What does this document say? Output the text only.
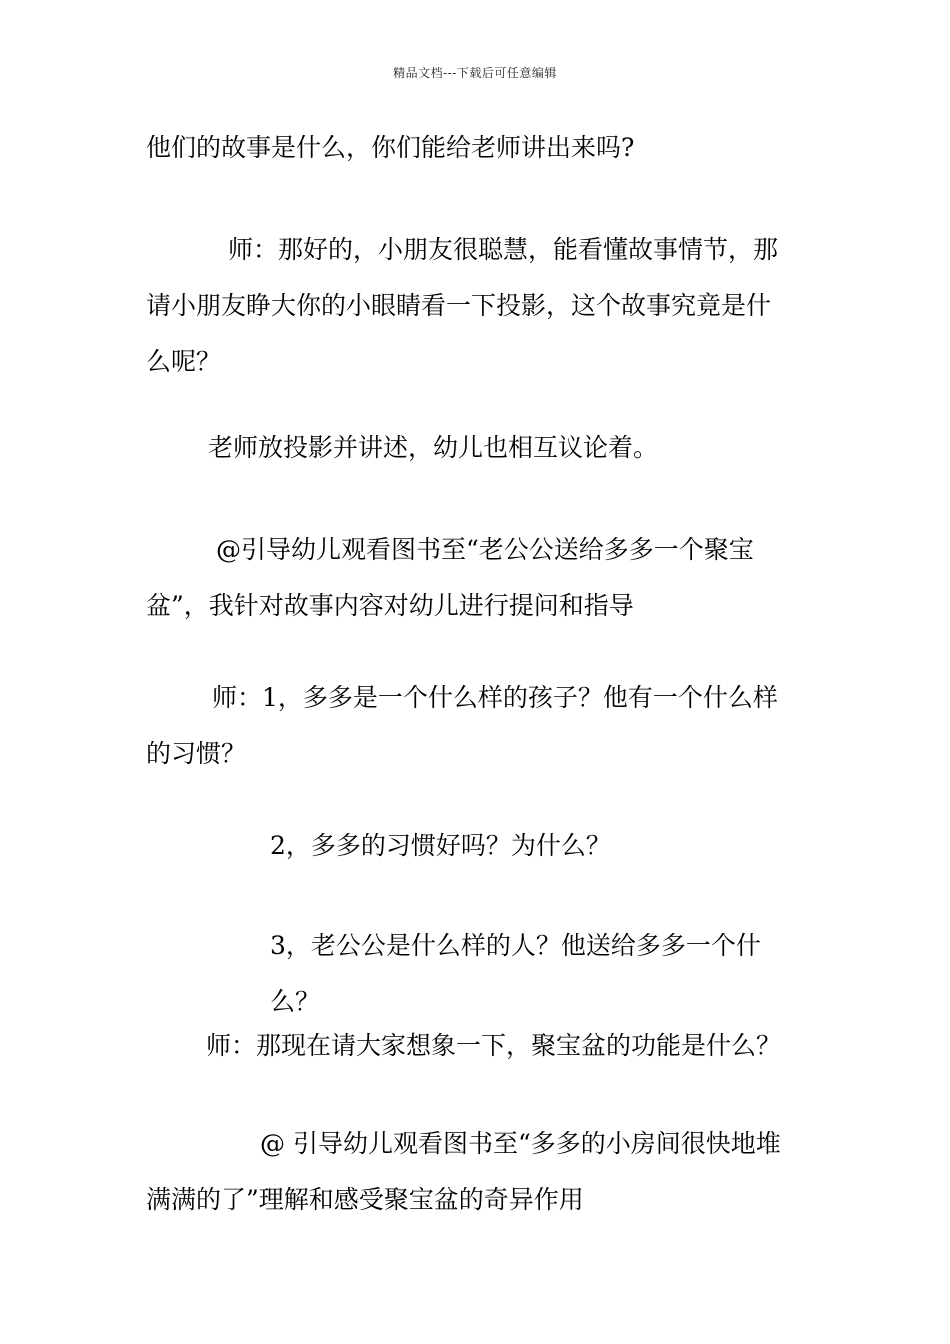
精品文档---下载后可任意编辑
他们的故事是什么，你们能给老师讲出来吗?
师：那好的，小朋友很聪慧，能看懂故事情节，那
请小朋友睁大你的小眼睛看一下投影，这个故事究竟是什
么呢？
老师放投影并讲述，幼儿也相互议论着。
@引导幼儿观看图书至“老公公送给多多一个聚宝
盆”，我针对故事内容对幼儿进行提问和指导
师：1，多多是一个什么样的孩子？他有一个什么样
的习惯？
2，多多的习惯好吗？为什么？
3，老公公是什么样的人？他送给多多一个什么？
师：那现在请大家想象一下，聚宝盆的功能是什么？
@ 引导幼儿观看图书至“多多的小房间很快地堆
满满的了”理解和感受聚宝盆的奇异作用
